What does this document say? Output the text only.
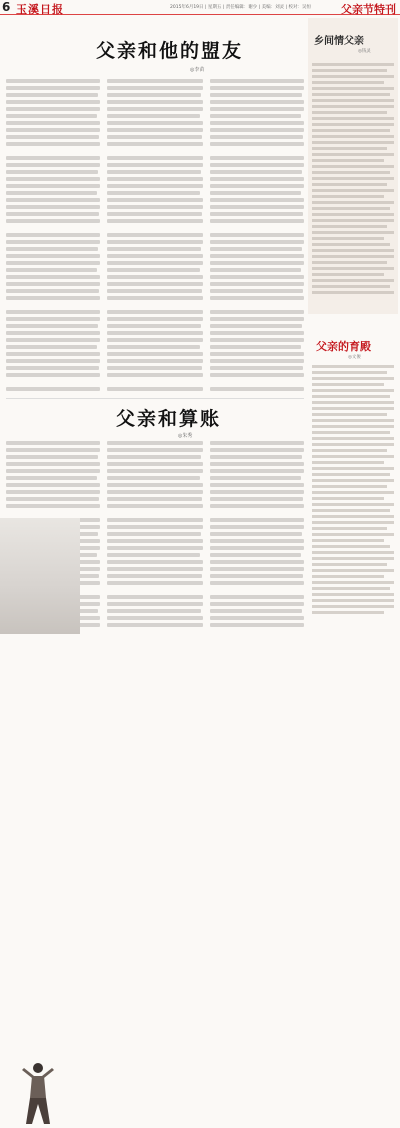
6 玉溪日报	2015年6月19日 | 星期五 | 责任编辑：谢少 | 美编：刘灵 | 校对：吴恒	父亲节特刊
父亲和他的盟友
◎李苗
父亲和算账
◎朱秀
乡间情父亲
◎钱灵
父亲的育殿
◎文俊
